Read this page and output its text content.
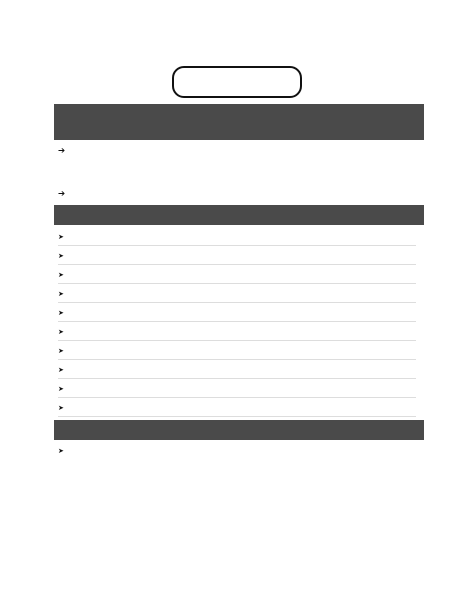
➔
➔
➤
➤
➤
➤
➤
➤
➤
➤
➤
➤
➤
